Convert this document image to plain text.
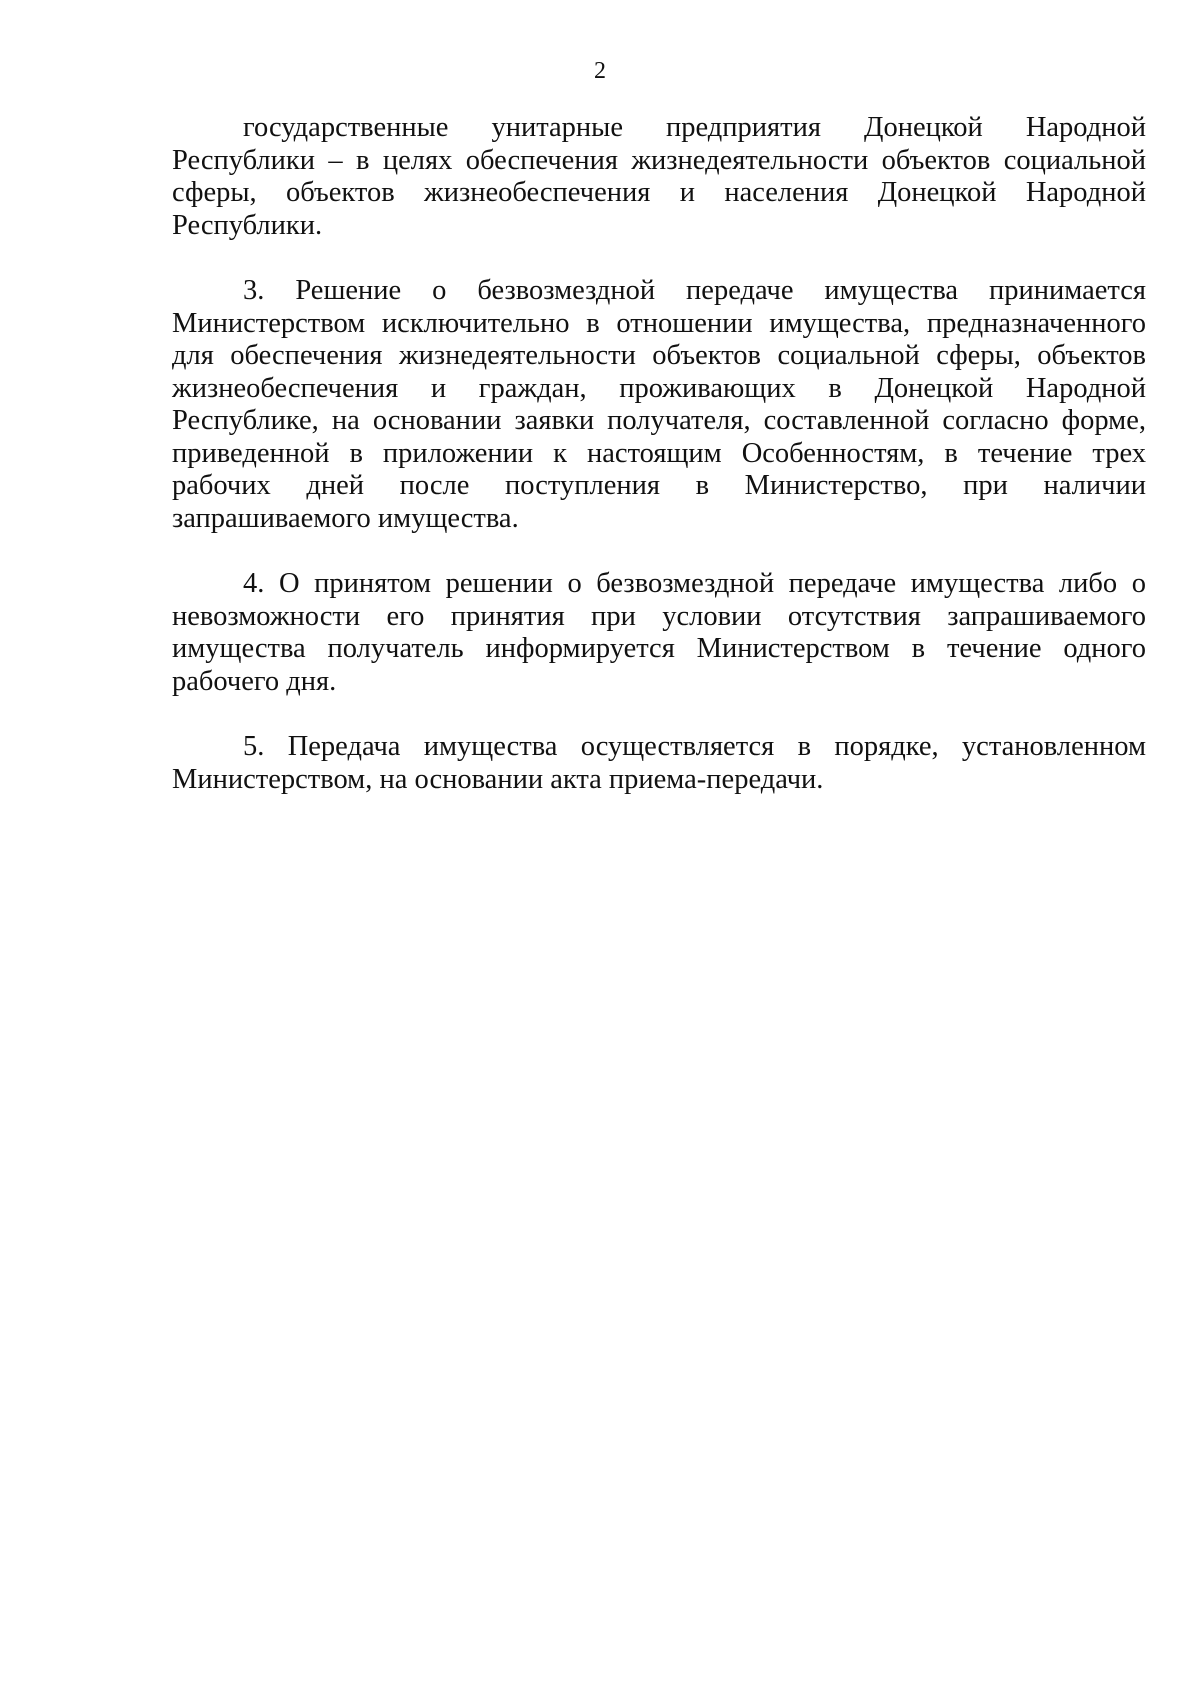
2

государственные унитарные предприятия Донецкой Народной Республики – в целях обеспечения жизнедеятельности объектов социальной сферы, объектов жизнеобеспечения и населения Донецкой Народной Республики.

3. Решение о безвозмездной передаче имущества принимается Министерством исключительно в отношении имущества, предназначенного для обеспечения жизнедеятельности объектов социальной сферы, объектов жизнеобеспечения и граждан, проживающих в Донецкой Народной Республике, на основании заявки получателя, составленной согласно форме, приведенной в приложении к настоящим Особенностям, в течение трех рабочих дней после поступления в Министерство, при наличии запрашиваемого имущества.

4. О принятом решении о безвозмездной передаче имущества либо о невозможности его принятия при условии отсутствия запрашиваемого имущества получатель информируется Министерством в течение одного рабочего дня.

5. Передача имущества осуществляется в порядке, установленном Министерством, на основании акта приема-передачи.
